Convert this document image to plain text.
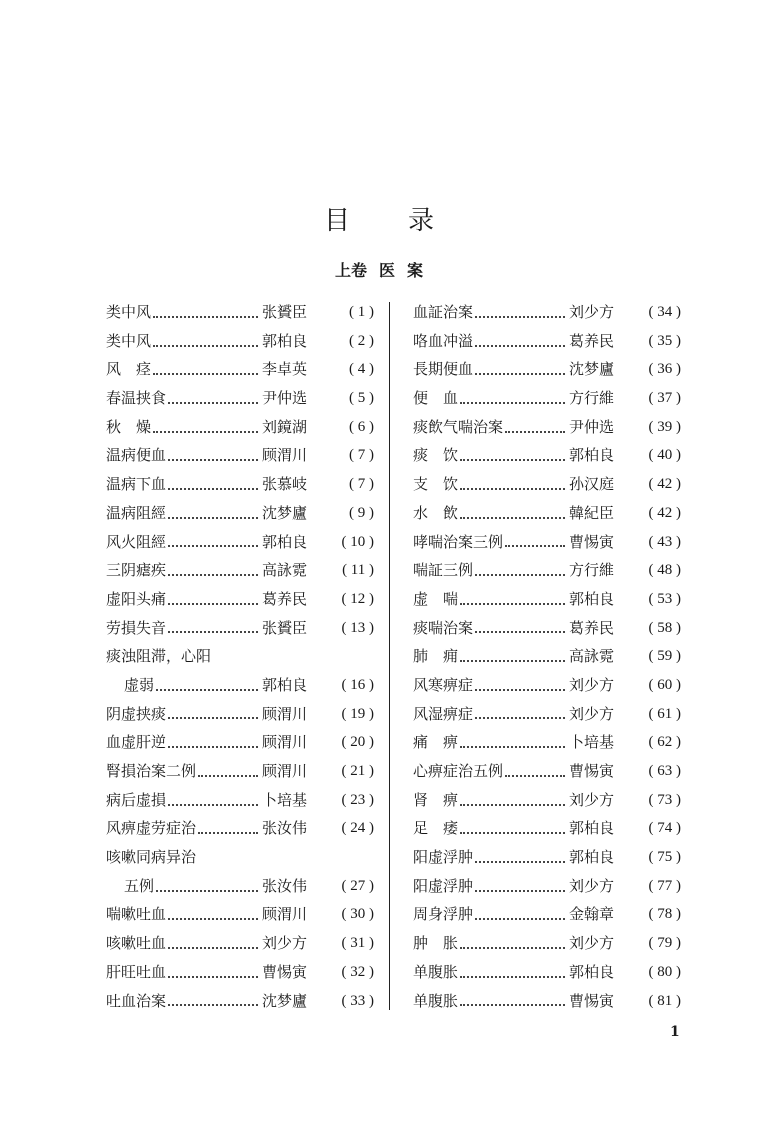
目 录
上卷 医 案
类中风	张贇臣	( 1 )
类中风	郭柏良	( 2 )
风　痉	李卓英	( 4 )
春温挟食	尹仲选	( 5 )
秋　燥	刘鏡湖	( 6 )
温病便血	顾渭川	( 7 )
温病下血	张慕岐	( 7 )
温病阻經	沈梦廬	( 9 )
风火阻經	郭柏良	( 10 )
三阴瘧疾	高詠霓	( 11 )
虚阳头痛	葛养民	( 12 )
劳損失音	张贇臣	( 13 )
痰浊阻滞，心阳
虚弱	郭柏良	( 16 )
阴虚挟痰	顾渭川	( 19 )
血虚肝逆	顾渭川	( 20 )
腎損治案二例	顾渭川	( 21 )
病后虚損	卜培基	( 23 )
风痹虚劳症治	张汝伟	( 24 )
咳嗽同病异治
五例	张汝伟	( 27 )
喘嗽吐血	顾渭川	( 30 )
咳嗽吐血	刘少方	( 31 )
肝旺吐血	曹惕寅	( 32 )
吐血治案	沈梦廬	( 33 )
血証治案	刘少方	( 34 )
咯血冲溢	葛养民	( 35 )
長期便血	沈梦廬	( 36 )
便　血	方行維	( 37 )
痰飲气喘治案	尹仲选	( 39 )
痰　饮	郭柏良	( 40 )
支　饮	孙汉庭	( 42 )
水　飲	韓紀臣	( 42 )
哮喘治案三例	曹惕寅	( 43 )
喘証三例	方行維	( 48 )
虚　喘	郭柏良	( 53 )
痰喘治案	葛养民	( 58 )
肺　痈	高詠霓	( 59 )
风寒痹症	刘少方	( 60 )
风湿痹症	刘少方	( 61 )
痛　痹	卜培基	( 62 )
心痹症治五例	曹惕寅	( 63 )
肾　痹	刘少方	( 73 )
足　痿	郭柏良	( 74 )
阳虚浮肿	郭柏良	( 75 )
阳虚浮肿	刘少方	( 77 )
周身浮肿	金翰章	( 78 )
肿　胀	刘少方	( 79 )
单腹胀	郭柏良	( 80 )
单腹胀	曹惕寅	( 81 )
1
